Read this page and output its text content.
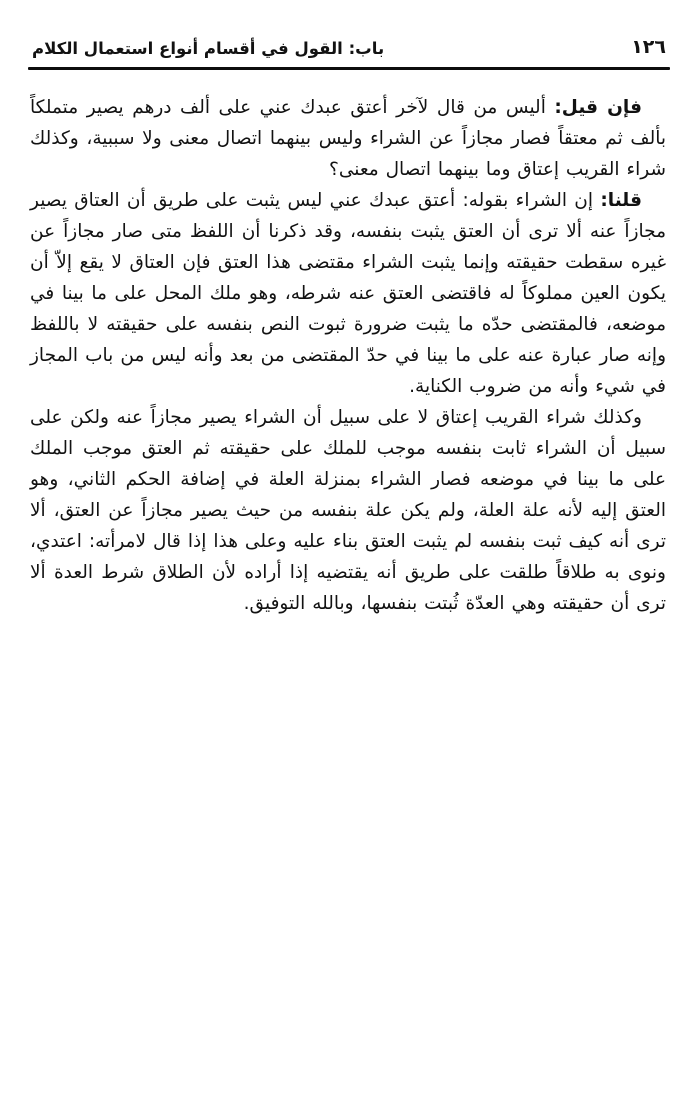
١٢٦
باب: القول في أقسام أنواع استعمال الكلام

فإن قيل: أليس من قال لآخر أعتق عبدك عني على ألف درهم يصير متملكاً بألف ثم معتقاً فصار مجازاً عن الشراء وليس بينهما اتصال معنى ولا سببية، وكذلك شراء القريب إعتاق وما بينهما اتصال معنى؟

قلنا: إن الشراء بقوله: أعتق عبدك عني ليس يثبت على طريق أن العتاق يصير مجازاً عنه ألا ترى أن العتق يثبت بنفسه، وقد ذكرنا أن اللفظ متى صار مجازاً عن غيره سقطت حقيقته وإنما يثبت الشراء مقتضى هذا العتق فإن العتاق لا يقع إلاّ أن يكون العين مملوكاً له فاقتضى العتق عنه شرطه، وهو ملك المحل على ما بينا في موضعه، فالمقتضى حدّه ما يثبت ضرورة ثبوت النص بنفسه على حقيقته لا باللفظ وإنه صار عبارة عنه على ما بينا في حدّ المقتضى من بعد وأنه ليس من باب المجاز في شيء وأنه من ضروب الكناية.

وكذلك شراء القريب إعتاق لا على سبيل أن الشراء يصير مجازاً عنه ولكن على سبيل أن الشراء ثابت بنفسه موجب للملك على حقيقته ثم العتق موجب الملك على ما بينا في موضعه فصار الشراء بمنزلة العلة في إضافة الحكم الثاني، وهو العتق إليه لأنه علة العلة، ولم يكن علة بنفسه من حيث يصير مجازاً عن العتق، ألا ترى أنه كيف ثبت بنفسه لم يثبت العتق بناء عليه وعلى هذا إذا قال لامرأته: اعتدي، ونوى به طلاقاً طلقت على طريق أنه يقتضيه إذا أراده لأن الطلاق شرط العدة ألا ترى أن حقيقته وهي العدّة ثُبتت بنفسها، وبالله التوفيق.
